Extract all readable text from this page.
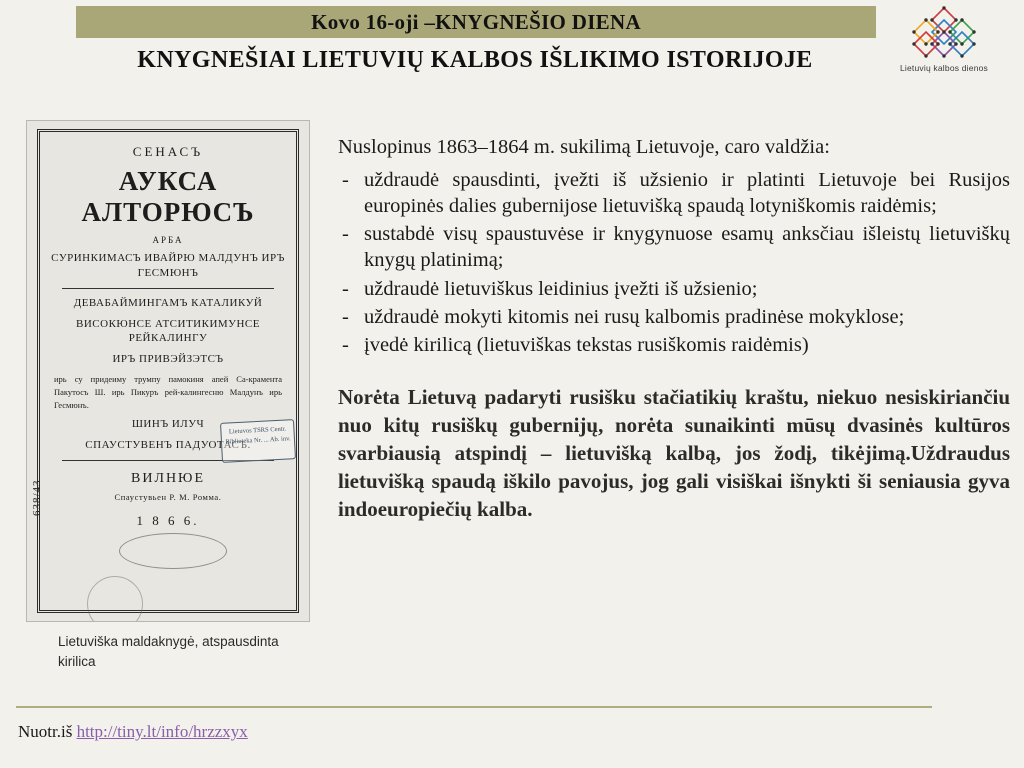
Kovo 16-oji –KNYGNEŠIO DIENA
KNYGNEŠIAI LIETUVIŲ KALBOS IŠLIKIMO ISTORIJOJE	Lietuvių kalbos dienos
СЕНАСЪ
АУКСА АЛТОРЮСЪ
АРБА
СУРИНКИМАСЪ ИВАЙРЮ МАЛДУНЪ ИРЪ ГЕСМЮНЪ
ДЕВАБАЙМИНГАМЪ КАТАЛИКУЙ
ВИСОКЮНСЕ АТСИТИКИМУНСЕ РЕЙКАЛИНГУ
ИРЪ ПРИВЭЙЗЭТСЪ
ирь су придеимy трумпу памокиня апей Са-крамента Пакутосъ Ш. ирь Пикуръ рей-калингесню Малдунъ ирь Гесмюнъ.
ШИНЪ ИЛУЧ
СПАУСТУВЕНЪ ПАДУОТАСЪ.
ВИЛНЮЕ
Спаустувьен Р. М. Ромма.
1 8 6 6.
Lietuvos TSRS Centr. Biblioteka Nr. ... Ab. inv.
638/43
Lietuviška maldaknygė, atspausdinta kirilica

Nuslopinus 1863–1864 m. sukilimą Lietuvoje, caro valdžia:

- uždraudė spausdinti, įvežti iš užsienio ir platinti Lietuvoje bei Rusijos europinės dalies gubernijose lietuvišką spaudą lotyniškomis raidėmis;
- sustabdė visų spaustuvėse ir knygynuose esamų anksčiau išleistų lietuviškų knygų platinimą;
- uždraudė lietuviškus leidinius įvežti iš užsienio;
- uždraudė mokyti kitomis nei rusų kalbomis pradinėse mokyklose;
- įvedė kirilicą (lietuviškas tekstas rusiškomis raidėmis)

Norėta Lietuvą padaryti rusišku stačiatikių kraštu, niekuo nesiskiriančiu nuo kitų rusiškų gubernijų, norėta sunaikinti mūsų dvasinės kultūros svarbiausią atspindį – lietuvišką kalbą, jos žodį, tikėjimą.Uždraudus lietuvišką spaudą iškilo pavojus, jog gali visiškai išnykti ši seniausia gyva indoeuropiečių kalba.

Nuotr.iš http://tiny.lt/info/hrzzxyx
